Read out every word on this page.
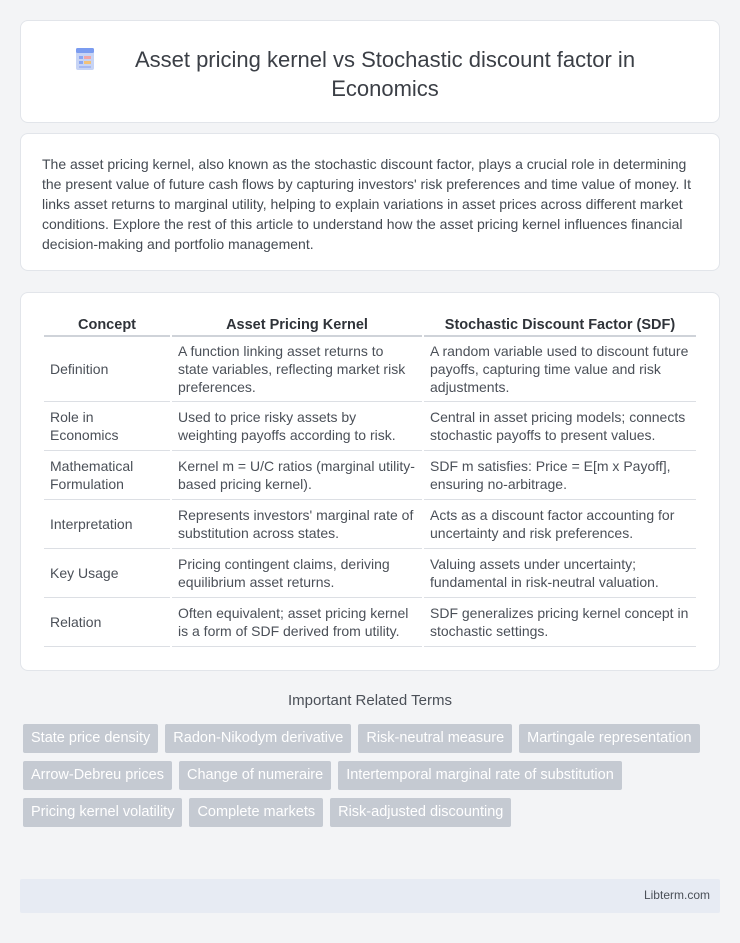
Asset pricing kernel vs Stochastic discount factor in Economics

The asset pricing kernel, also known as the stochastic discount factor, plays a crucial role in determining the present value of future cash flows by capturing investors' risk preferences and time value of money. It links asset returns to marginal utility, helping to explain variations in asset prices across different market conditions. Explore the rest of this article to understand how the asset pricing kernel influences financial decision-making and portfolio management.

Concept	Asset Pricing Kernel	Stochastic Discount Factor (SDF)
Definition	A function linking asset returns to state variables, reflecting market risk preferences.	A random variable used to discount future payoffs, capturing time value and risk adjustments.
Role in Economics	Used to price risky assets by weighting payoffs according to risk.	Central in asset pricing models; connects stochastic payoffs to present values.
Mathematical Formulation	Kernel m = U/C ratios (marginal utility-based pricing kernel).	SDF m satisfies: Price = E[m x Payoff], ensuring no-arbitrage.
Interpretation	Represents investors' marginal rate of substitution across states.	Acts as a discount factor accounting for uncertainty and risk preferences.
Key Usage	Pricing contingent claims, deriving equilibrium asset returns.	Valuing assets under uncertainty; fundamental in risk-neutral valuation.
Relation	Often equivalent; asset pricing kernel is a form of SDF derived from utility.	SDF generalizes pricing kernel concept in stochastic settings.
Important Related Terms
State price density	Radon-Nikodym derivative	Risk-neutral measure	Martingale representation
Arrow-Debreu prices	Change of numeraire	Intertemporal marginal rate of substitution
Pricing kernel volatility	Complete markets	Risk-adjusted discounting
Libterm.com
